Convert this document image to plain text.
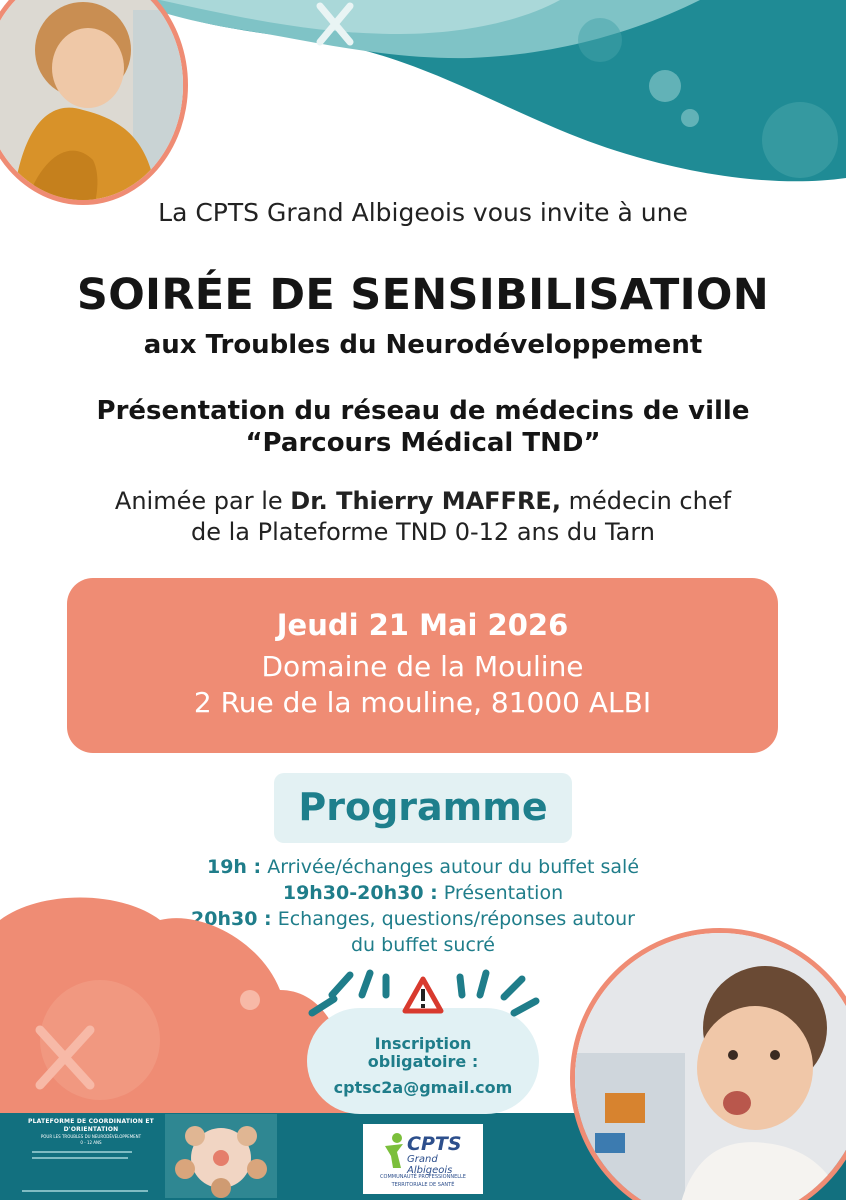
La CPTS Grand Albigeois vous invite à une
SOIRÉE DE SENSIBILISATION
aux Troubles du Neurodéveloppement
Présentation du réseau de médecins de ville
“Parcours Médical TND”
Animée par le Dr. Thierry MAFFRE, médecin chef
de la Plateforme TND 0-12 ans du Tarn
Jeudi 21 Mai 2026
Domaine de la Mouline
2 Rue de la mouline, 81000 ALBI
Programme
19h : Arrivée/échanges autour du buffet salé
19h30-20h30 : Présentation
20h30 : Echanges, questions/réponses autour
du buffet sucré
Inscription
obligatoire :
cptsc2a@gmail.com
PLATEFORME DE COORDINATION ET D'ORIENTATION
POUR LES TROUBLES DU NEURODÉVELOPPEMENT
0 - 12 ANS	CPTS
Grand Albigeois
COMMUNAUTÉ PROFESSIONNELLE
TERRITORIALE DE SANTÉ
